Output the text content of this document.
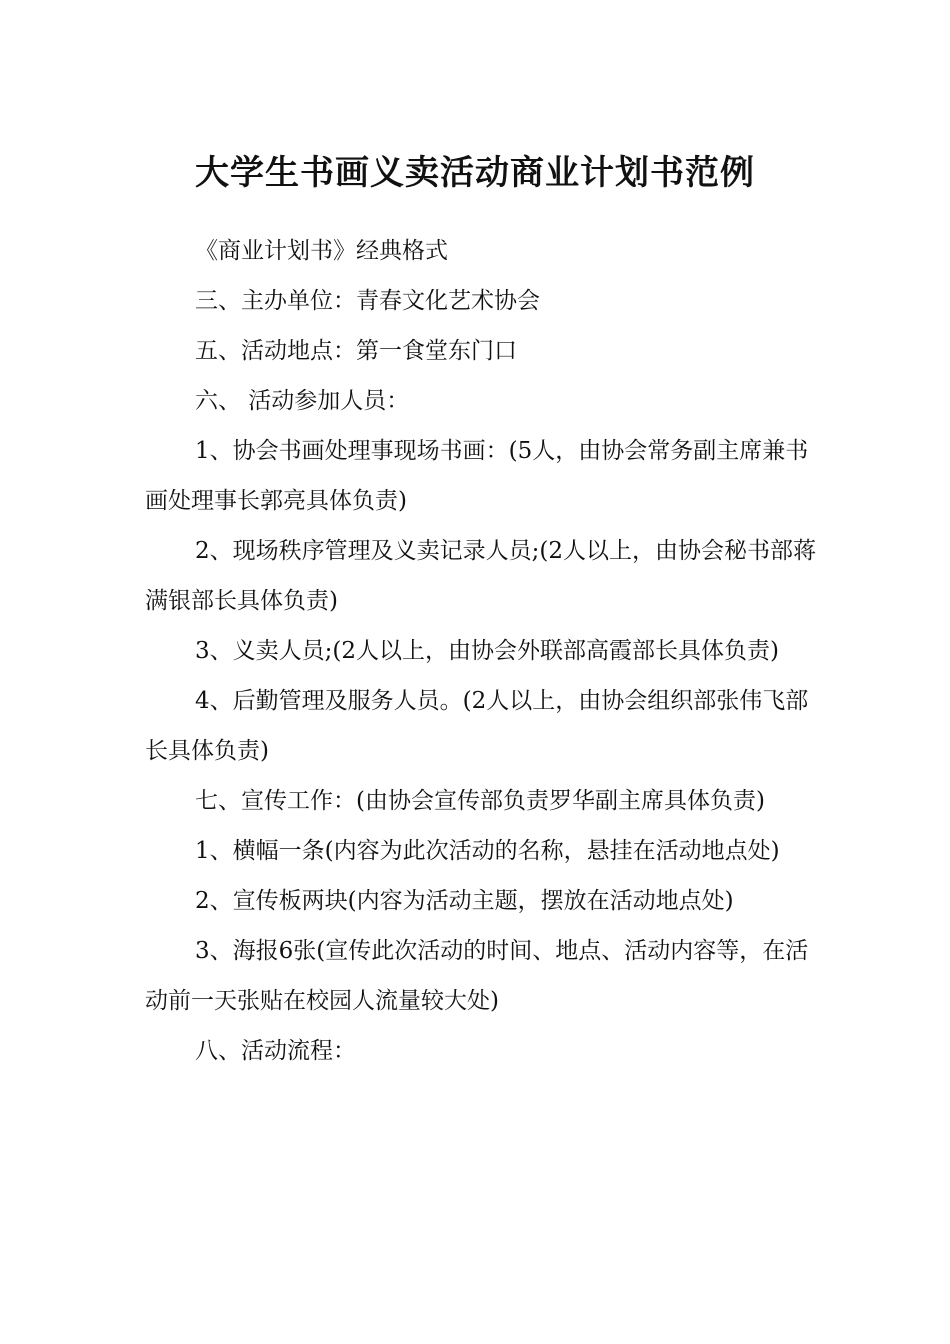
大学生书画义卖活动商业计划书范例

《商业计划书》经典格式

三、主办单位：青春文化艺术协会

五、活动地点：第一食堂东门口

六、 活动参加人员：

1、协会书画处理事现场书画：(5人，由协会常务副主席兼书画处理事长郭亮具体负责)

2、现场秩序管理及义卖记录人员;(2人以上，由协会秘书部蒋满银部长具体负责)

3、义卖人员;(2人以上，由协会外联部高霞部长具体负责)

4、后勤管理及服务人员。(2人以上，由协会组织部张伟飞部长具体负责)

七、宣传工作：(由协会宣传部负责罗华副主席具体负责)

1、横幅一条(内容为此次活动的名称，悬挂在活动地点处)

2、宣传板两块(内容为活动主题，摆放在活动地点处)

3、海报6张(宣传此次活动的时间、地点、活动内容等，在活动前一天张贴在校园人流量较大处)

八、活动流程：
